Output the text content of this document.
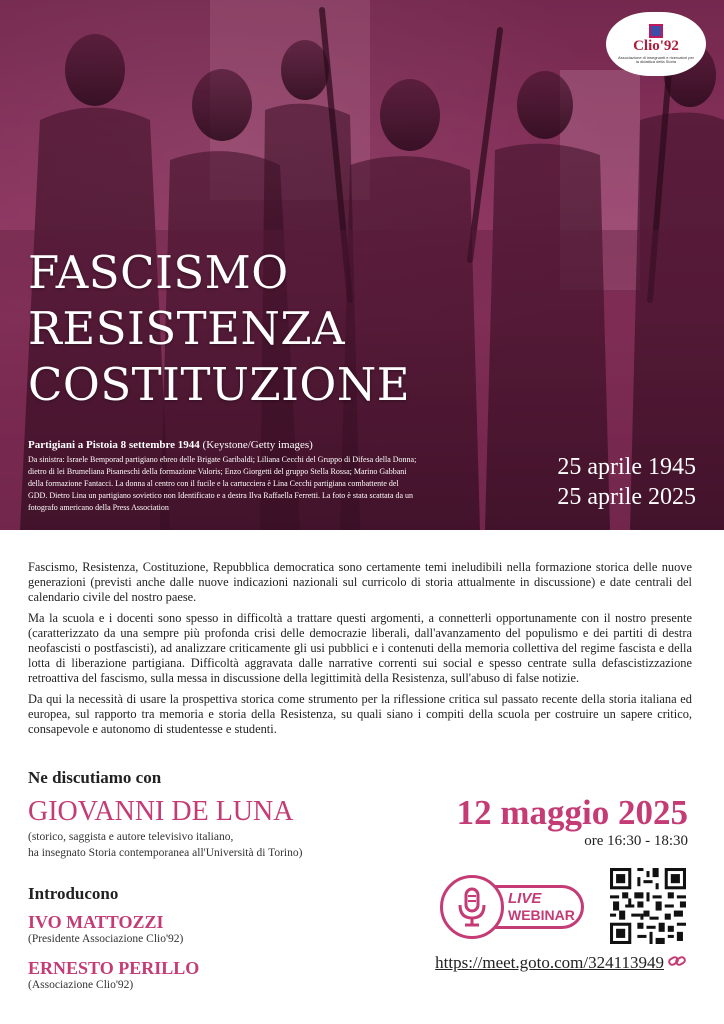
Clio'92
Associazione di insegnanti e ricercatori per la didattica della Storia
FASCISMO
RESISTENZA
COSTITUZIONE
Partigiani a Pistoia 8 settembre 1944 (Keystone/Getty images)
Da sinistra: Israele Bemporad partigiano ebreo delle Brigate Garibaldi; Liliana Cecchi del Gruppo di Difesa della Donna; dietro di lei Brumeliana Pisaneschi della formazione Valoris; Enzo Giorgetti del gruppo Stella Rossa; Marino Gabbani della formazione Fantacci. La donna al centro con il fucile e la cartucciera è Lina Cecchi partigiana combattente del GDD. Dietro Lina un partigiano sovietico non Identificato e a destra Ilva Raffaella Ferretti. La foto è stata scattata da un fotografo americano della Press Association
25 aprile 1945
25 aprile 2025

Fascismo, Resistenza, Costituzione, Repubblica democratica sono certamente temi ineludibili nella formazione storica delle nuove generazioni (previsti anche dalle nuove indicazioni nazionali sul curricolo di storia attualmente in discussione) e date centrali del calendario civile del nostro paese.

Ma la scuola e i docenti sono spesso in difficoltà a trattare questi argomenti, a connetterli opportunamente con il nostro presente (caratterizzato da una sempre più profonda crisi delle democrazie liberali, dall'avanzamento del populismo e dei partiti di destra neofascisti o postfascisti), ad analizzare criticamente gli usi pubblici e i contenuti della memoria collettiva del regime fascista e della lotta di liberazione partigiana. Difficoltà aggravata dalle narrative correnti sui social e spesso centrate sulla defascistizzazione retroattiva del fascismo, sulla messa in discussione della legittimità della Resistenza, sull'abuso di false notizie.

Da qui la necessità di usare la prospettiva storica come strumento per la riflessione critica sul passato recente della storia italiana ed europea, sul rapporto tra memoria e storia della Resistenza, su quali siano i compiti della scuola per costruire un sapere critico, consapevole e autonomo di studentesse e studenti.

Ne discutiamo con
GIOVANNI DE LUNA
(storico, saggista e autore televisivo italiano,
ha insegnato Storia contemporanea all'Università di Torino)
Introducono
IVO MATTOZZI
(Presidente Associazione Clio'92)
ERNESTO PERILLO
(Associazione Clio'92)
12 maggio 2025
ore 16:30 - 18:30
LIVE
WEBINAR
https://meet.goto.com/324113949
